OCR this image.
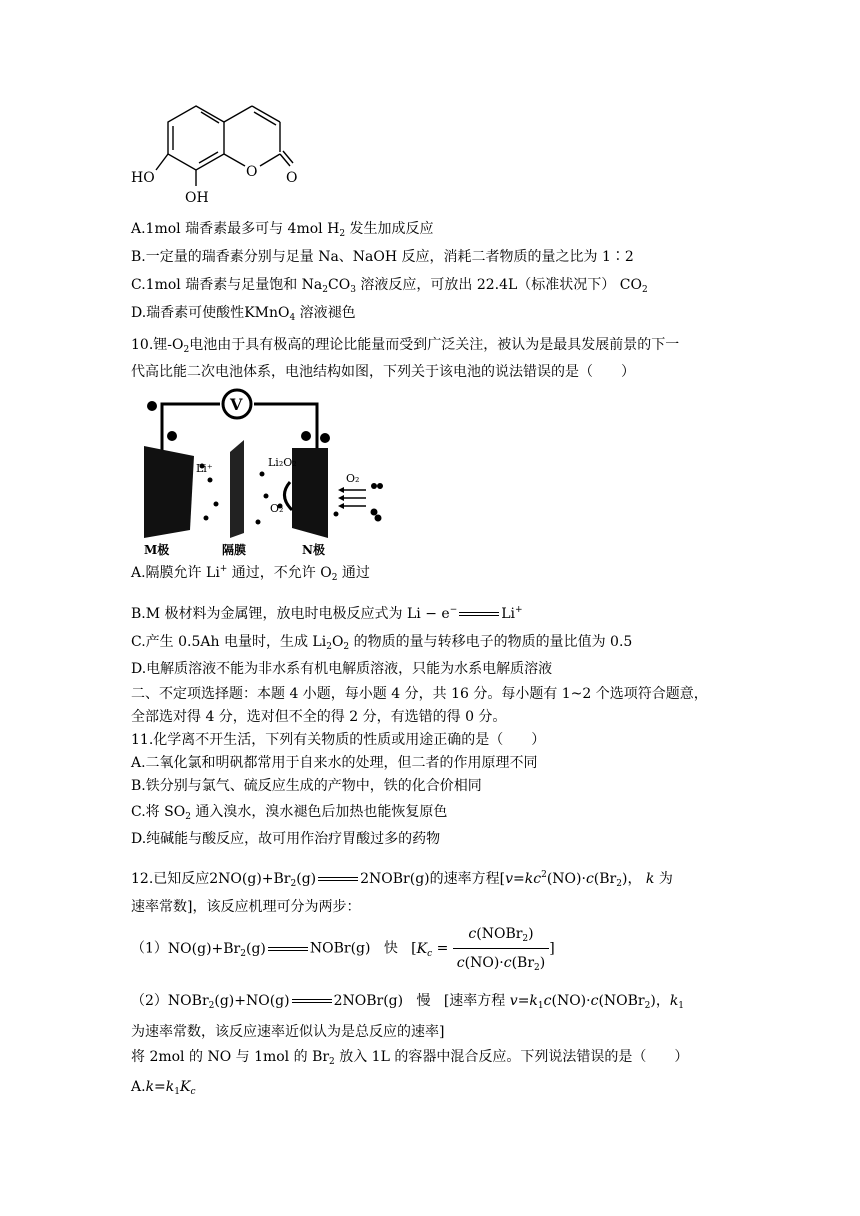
HO
OH
O O
A.1mol 瑞香素最多可与 4mol $H_2$ 发生加成反应
B.一定量的瑞香素分别与足量 Na、NaOH 反应，消耗二者物质的量之比为 1∶2
C.1mol 瑞香素与足量饱和 $Na_2CO_3$ 溶液反应，可放出 22.4L（标准状况下） $CO_2$
D.瑞香素可使酸性KMnO$_4$ 溶液褪色
10.锂$-O_2$电池由于具有极高的理论比能量而受到广泛关注，被认为是最具发展前景的下一
代高比能二次电池体系，电池结构如图，下列关于该电池的说法错误的是（　　）
V
Li⁺	Li₂O₂
O₂
O₂
M极	隔膜	N极
A.隔膜允许 Li+ 通过，不允许 $O_2$ 通过
B.M 极材料为金属锂，放电时电极反应式为 Li − e−	Li+
C.产生 0.5Ah 电量时，生成 $Li_2O_2$ 的物质的量与转移电子的物质的量比值为 0.5
D.电解质溶液不能为非水系有机电解质溶液，只能为水系电解质溶液
二、不定项选择题：本题 4 小题，每小题 4 分，共 16 分。每小题有 1~2 个选项符合题意，
全部选对得 4 分，选对但不全的得 2 分，有选错的得 0 分。
11.化学离不开生活，下列有关物质的性质或用途正确的是（　　）
A.二氧化氯和明矾都常用于自来水的处理，但二者的作用原理不同
B.铁分别与氯气、硫反应生成的产物中，铁的化合价相同
C.将 $SO_2$ 通入溴水，溴水褪色后加热也能恢复原色
D.纯碱能与酸反应，故可用作治疗胃酸过多的药物
12.已知反应$2NO(g)+Br_2(g)$	2NOBr(g)的速率方程[$v=kc^2(NO)\cdot c(Br_2)$， k 为
速率常数]，该反应机理可分为两步：
$(1)NO(g)+Br_2(g)$	NOBr(g) 快   [$K_c = \frac{c(NOBr_2)}{c(NO)\cdot c(Br_2)}$ ]
（2）NOBr$_2$(g)+NO(g)	2NOBr(g) 慢 [速率方程 $v=k_1c(NO)\cdot c(NOBr_2)$，$k_1$
为速率常数，该反应速率近似认为是总反应的速率]
将 2mol 的 NO 与 1mol 的 $Br_2$ 放入 1L 的容器中混合反应。下列说法错误的是（　　）
$A.k=k_1K_c$
